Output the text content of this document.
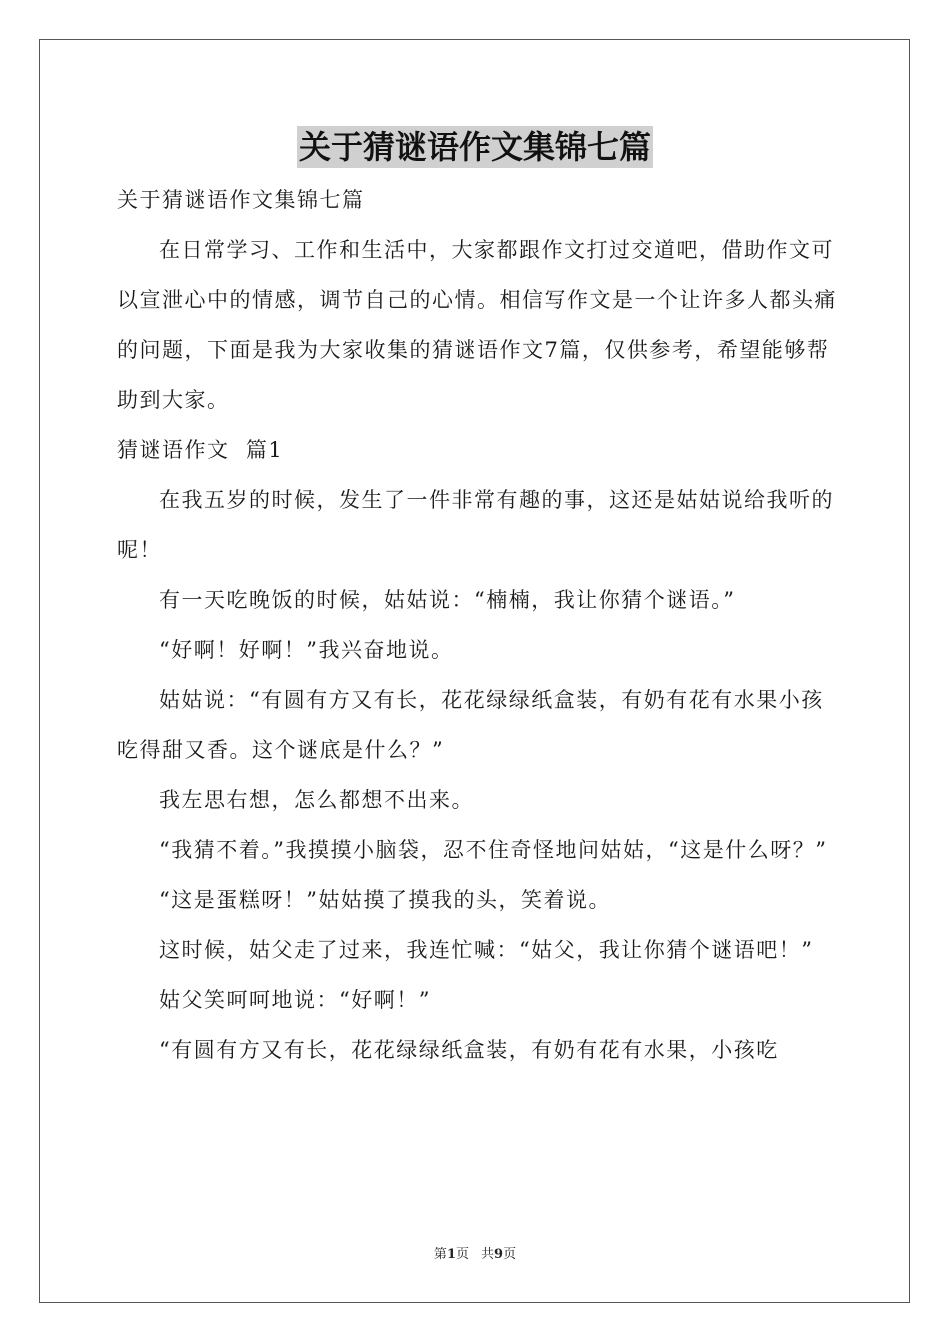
关于猜谜语作文集锦七篇

关于猜谜语作文集锦七篇

在日常学习、工作和生活中，大家都跟作文打过交道吧，借助作文可以宣泄心中的情感，调节自己的心情。相信写作文是一个让许多人都头痛的问题，下面是我为大家收集的猜谜语作文7篇，仅供参考，希望能够帮助到大家。

猜谜语作文  篇1

在我五岁的时候，发生了一件非常有趣的事，这还是姑姑说给我听的呢！

有一天吃晚饭的时候，姑姑说：“楠楠，我让你猜个谜语。”

“好啊！好啊！”我兴奋地说。

姑姑说：“有圆有方又有长，花花绿绿纸盒装，有奶有花有水果小孩吃得甜又香。这个谜底是什么？”

我左思右想，怎么都想不出来。

“我猜不着。”我摸摸小脑袋，忍不住奇怪地问姑姑，“这是什么呀？”

“这是蛋糕呀！”姑姑摸了摸我的头，笑着说。

这时候，姑父走了过来，我连忙喊：“姑父，我让你猜个谜语吧！”

姑父笑呵呵地说：“好啊！”

“有圆有方又有长，花花绿绿纸盒装，有奶有花有水果，小孩吃

第1页 共9页
